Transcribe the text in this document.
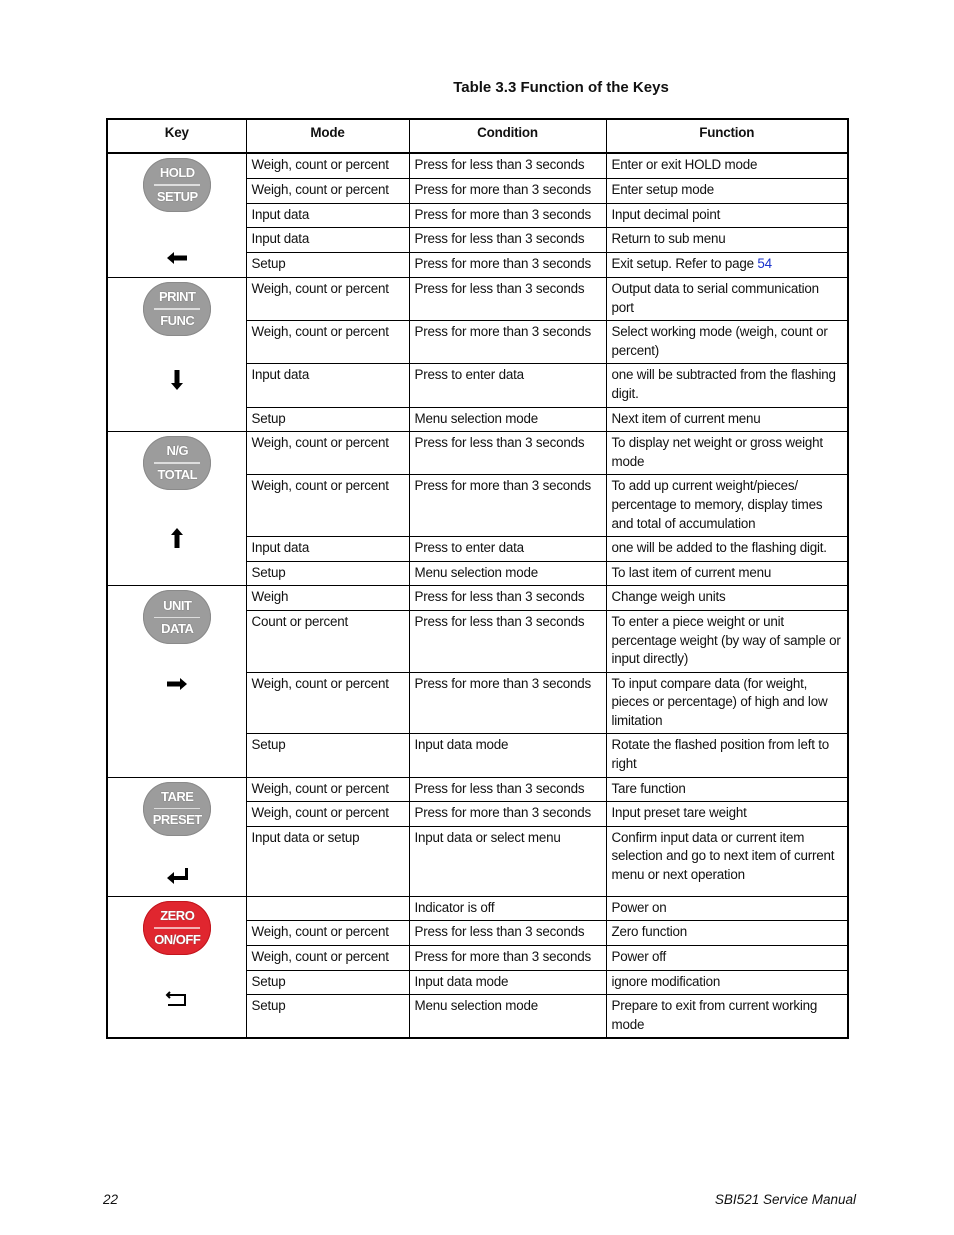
Table 3.3 Function of the Keys
Key	Mode	Condition	Function

HOLD
SETUP	Weigh, count or percent	Press for less than 3 seconds	Enter or exit HOLD mode
	Weigh, count or percent	Press for more than 3 seconds	Enter setup mode
	Input data	Press for more than 3 seconds	Input decimal point
	Input data	Press for less than 3 seconds	Return to sub menu
	Setup	Press for more than 3 seconds	Exit setup. Refer to page 54

PRINT
FUNC	Weigh, count or percent	Press for less than 3 seconds	Output data to serial communication port
	Weigh, count or percent	Press for more than 3 seconds	Select working mode (weigh, count or percent)
	Input data	Press to enter data	one will be subtracted from the flashing digit.
	Setup	Menu selection mode	Next item of current menu

N/G
TOTAL	Weigh, count or percent	Press for less than 3 seconds	To display net weight or gross weight mode
	Weigh, count or percent	Press for more than 3 seconds	To add up current weight/pieces/ percentage to memory, display times and total of accumulation
	Input data	Press to enter data	one will be added to the flashing digit.
	Setup	Menu selection mode	To last item of current menu

UNIT
DATA	Weigh	Press for less than 3 seconds	Change weigh units
	Count or percent	Press for less than 3 seconds	To enter a piece weight or unit percentage weight (by way of sample or input directly)
	Weigh, count or percent	Press for more than 3 seconds	To input compare data (for weight, pieces or percentage) of high and low limitation
	Setup	Input data mode	Rotate the flashed position from left to right

TARE
PRESET	Weigh, count or percent	Press for less than 3 seconds	Tare function
	Weigh, count or percent	Press for more than 3 seconds	Input preset tare weight
	Input data or setup	Input data or select menu	Confirm input data or current item selection and go to next item of current menu or next operation

ZERO
ON/OFF		Indicator is off	Power on
	Weigh, count or percent	Press for less than 3 seconds	Zero function
	Weigh, count or percent	Press for more than 3 seconds	Power off
	Setup	Input data mode	ignore modification
	Setup	Menu selection mode	Prepare to exit from current working mode
22	SBI521 Service Manual
